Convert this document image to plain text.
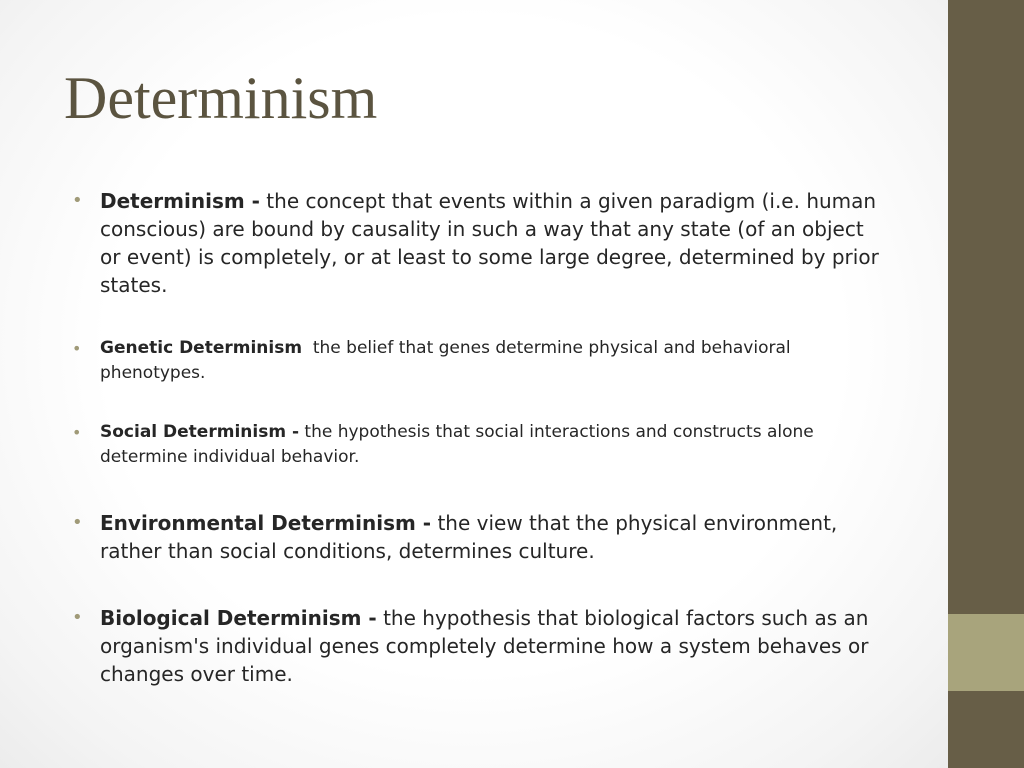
Determinism
• Determinism - the concept that events within a given paradigm (i.e. human conscious) are bound by causality in such a way that any state (of an object or event) is completely, or at least to some large degree, determined by prior states.
•	Genetic Determinism  the belief that genes determine physical and behavioral phenotypes.
•	Social Determinism - the hypothesis that social interactions and constructs alone determine individual behavior.
• Environmental Determinism - the view that the physical environment, rather than social conditions, determines culture.
• Biological Determinism - the hypothesis that biological factors such as an organism's individual genes completely determine how a system behaves or changes over time.
